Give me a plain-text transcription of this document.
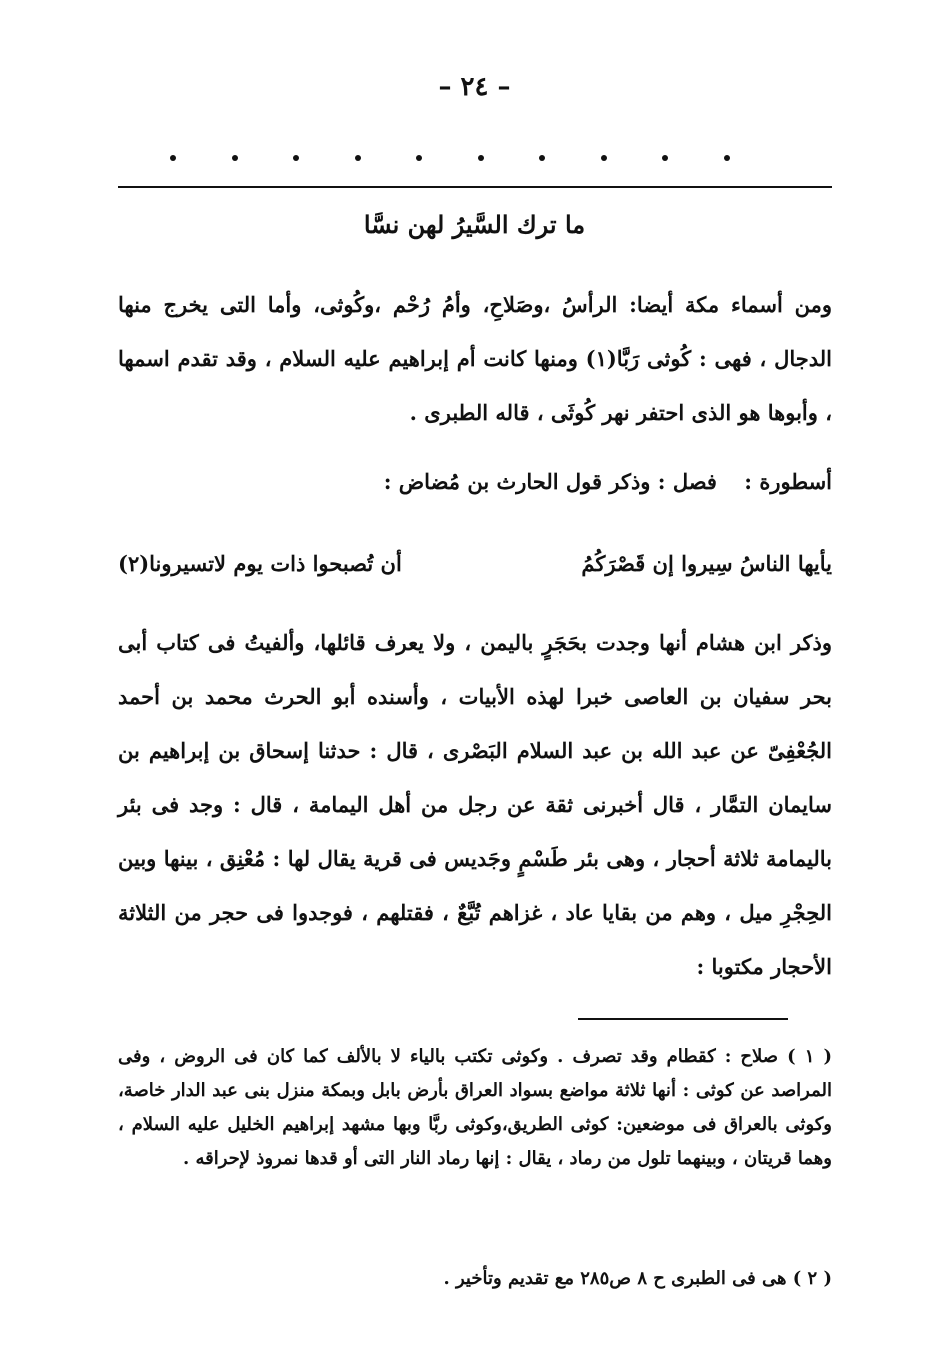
– ٢٤ –
ما ترك السَّيرُ لهن نسَّا
ومن أسماء مكة أيضا: الرأسُ ،وصَلاحِ، وأمُ رُحْم ،وكُوثى، وأما التى يخرج منها الدجال ، فهى : كُوثى رَبَّا(١) ومنها كانت أم إبراهيم عليه السلام ، وقد تقدم اسمها ، وأبوها هو الذى احتفر نهر كُوثَى ، قاله الطبرى .
أسطورة : فصل : وذكر قول الحارث بن مُضاض :
يأيها الناسُ سِيروا إن قَصْرَكُمُ
أن تُصبحوا ذات يوم لاتسيرونا(٢)
وذكر ابن هشام أنها وجدت بحَجَرٍ باليمن ، ولا يعرف قائلها، وألفيتُ فى كتاب أبى بحر سفيان بن العاصى خبرا لهذه الأبيات ، وأسنده أبو الحرث محمد بن أحمد الجُعْفِىّ عن عبد الله بن عبد السلام البَصْرى ، قال : حدثنا إسحاق بن إبراهيم بن سايمان التمَّار ، قال أخبرنى ثقة عن رجل من أهل اليمامة ، قال : وجد فى بئر باليمامة ثلاثة أحجار ، وهى بئر طَسْمٍ وجَديس فى قرية يقال لها : مُعْنِق ، بينها وبين الحِجْرِ ميل ، وهم من بقايا عاد ، غزاهم تُبَّعٌ ، فقتلهم ، فوجدوا فى حجر من الثلاثة الأحجار مكتوبا :
( ١ ) صلاح : كقطام وقد تصرف . وكوثى تكتب بالياء لا بالألف كما كان فى الروض ، وفى المراصد عن كوثى : أنها ثلاثة مواضع بسواد العراق بأرض بابل وبمكة منزل بنى عبد الدار خاصة، وكوثى بالعراق فى موضعين: كوثى الطريق،وكوثى ربَّا وبها مشهد إبراهيم الخليل عليه السلام ، وهما قريتان ، وبينهما تلول من رماد ، يقال : إنها رماد النار التى أو قدها نمروذ لإحراقه .
( ٢ ) هى فى الطبرى ح ٨ ص٢٨٥ مع تقديم وتأخير .
